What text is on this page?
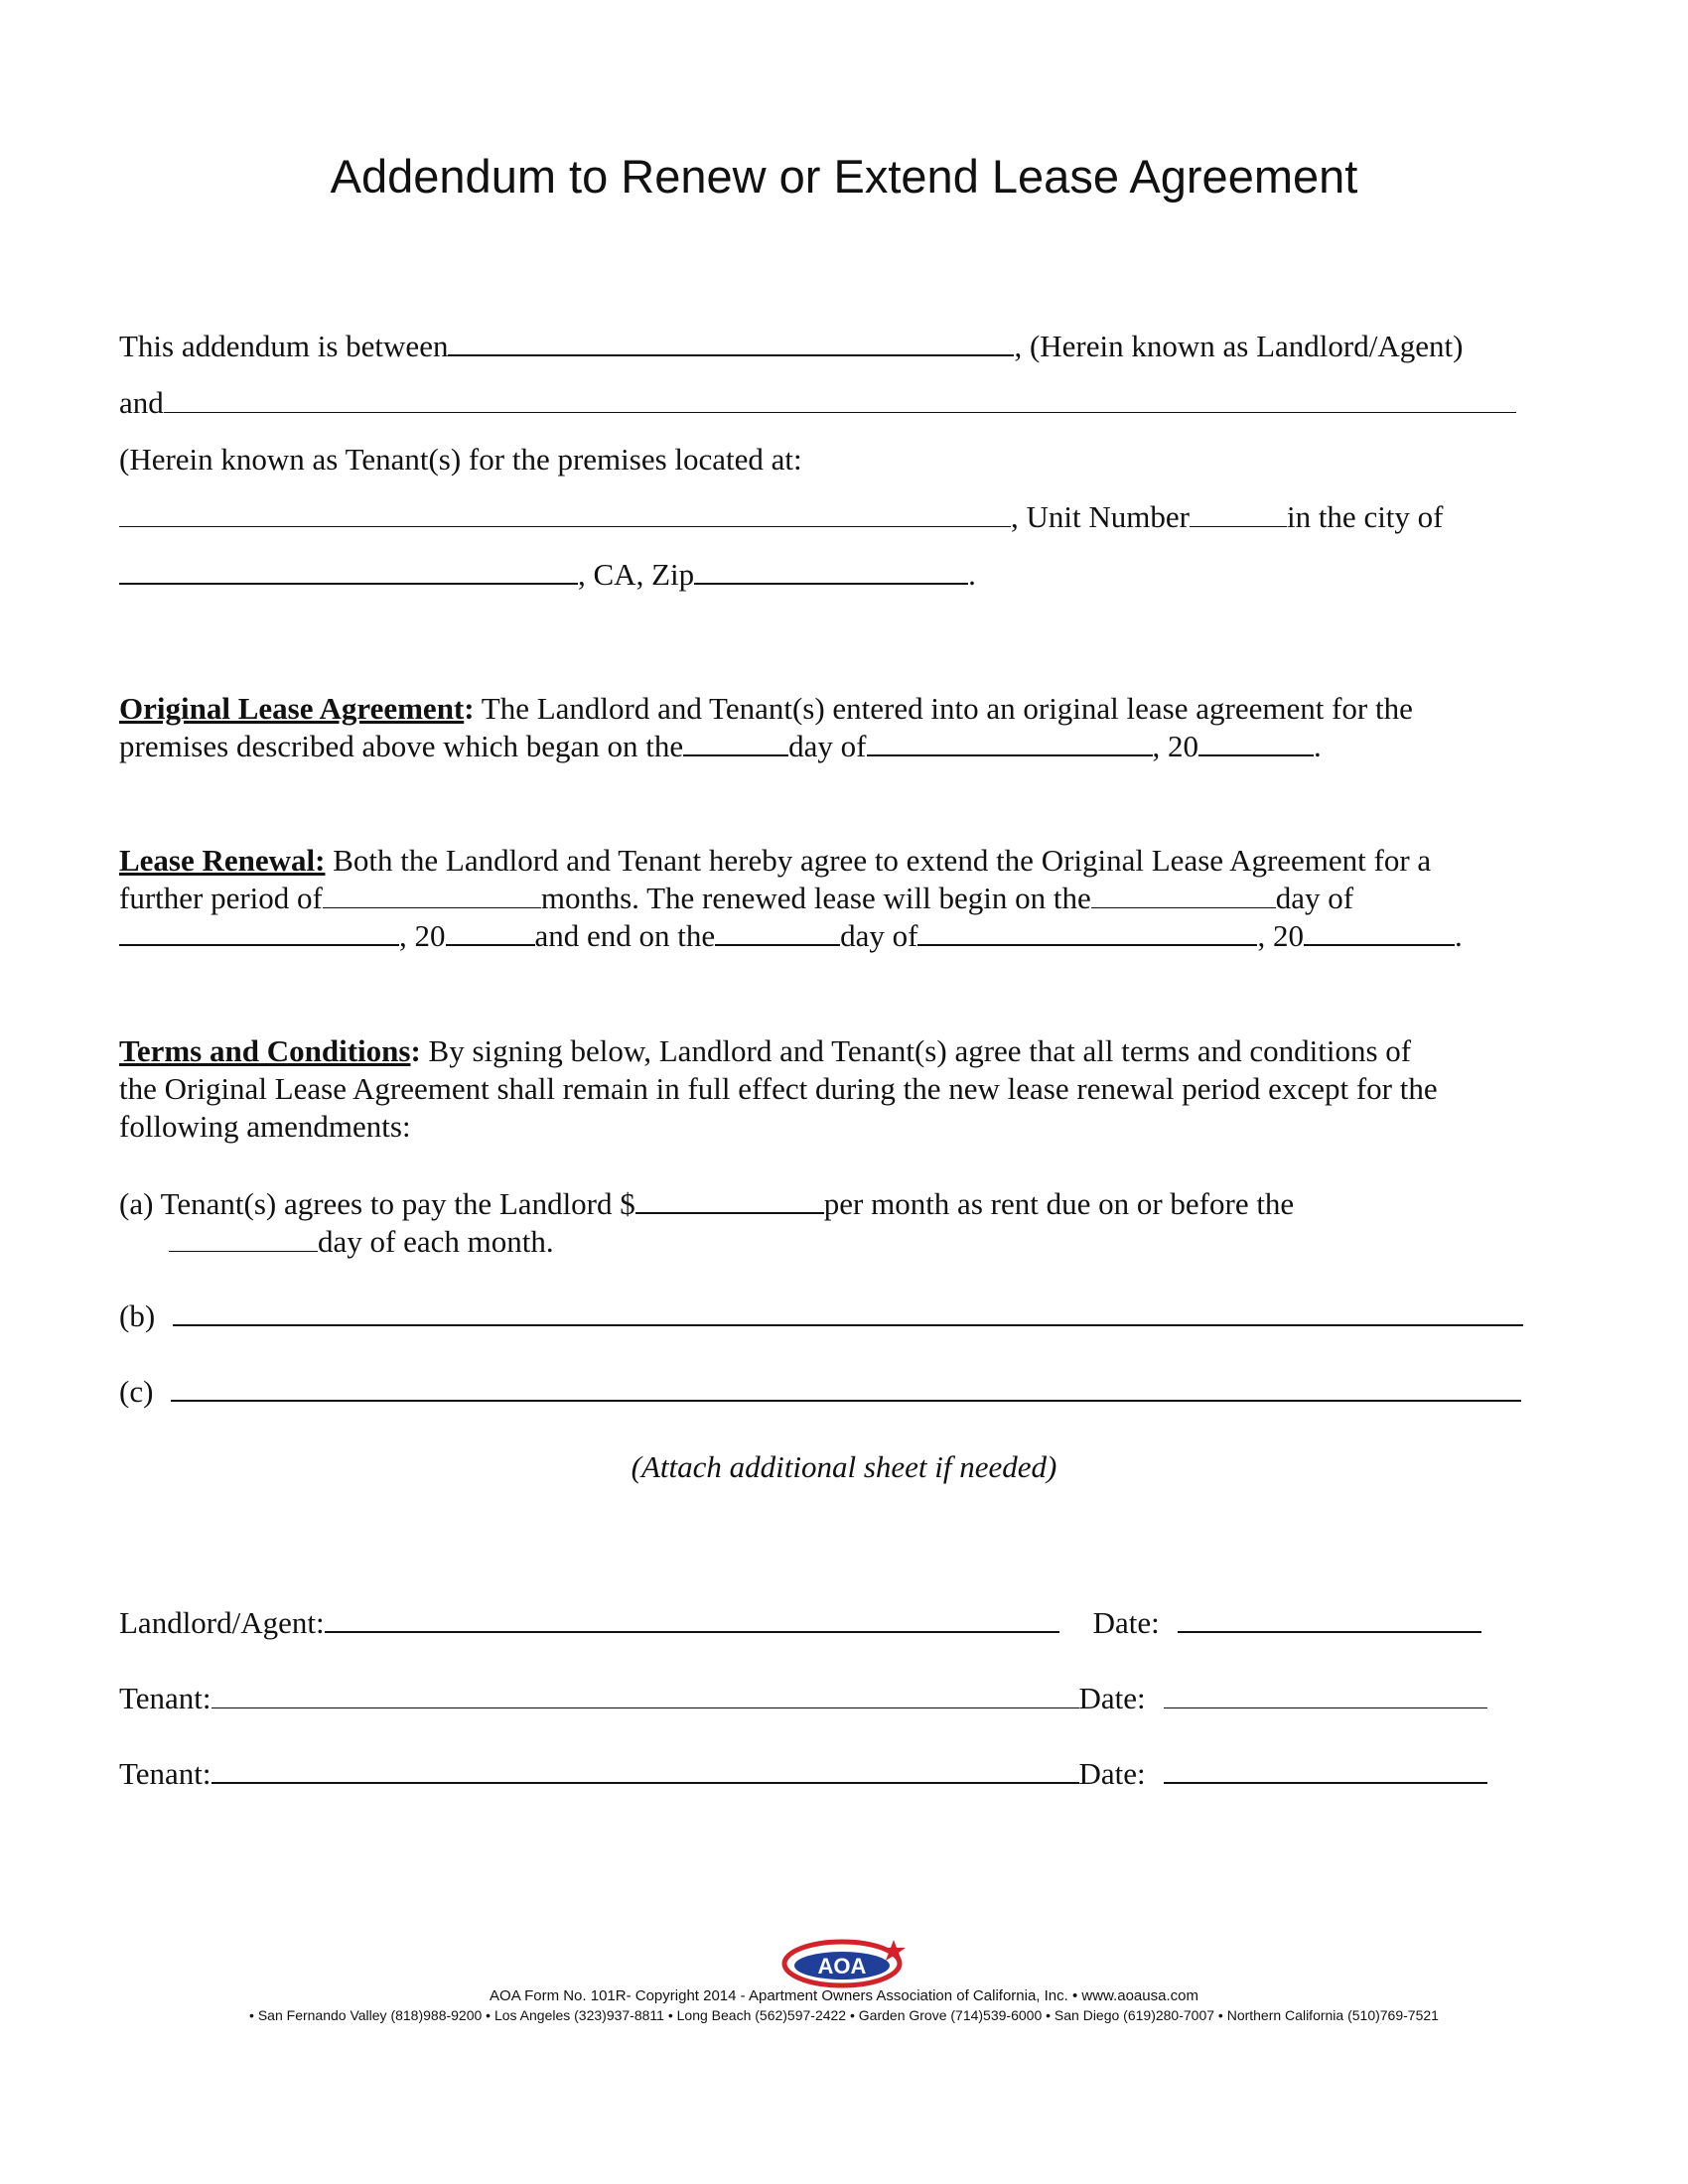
Addendum to Renew or Extend Lease Agreement
This addendum is between	, (Herein known as Landlord/Agent)
and
(Herein known as Tenant(s) for the premises located at:
, Unit Number	in the city of
, CA, Zip	.
Original Lease Agreement: The Landlord and Tenant(s) entered into an original lease agreement for the
premises described above which began on the	day of	, 20	.
Lease Renewal: Both the Landlord and Tenant hereby agree to extend the Original Lease Agreement for a
further period of	months. The renewed lease will begin on the	day of
, 20	and end on the	day of	, 20	.
Terms and Conditions: By signing below, Landlord and Tenant(s) agree that all terms and conditions of
the Original Lease Agreement shall remain in full effect during the new lease renewal period except for the
following amendments:
(a) Tenant(s) agrees to pay the Landlord $	per month as rent due on or before the
day of each month.
(b)
(c)
(Attach additional sheet if needed)
Landlord/Agent:	Date:
Tenant:	Date:
Tenant:	Date:
AOA
AOA Form No. 101R- Copyright 2014 - Apartment Owners Association of California, Inc. • www.aoausa.com
• San Fernando Valley (818)988-9200 • Los Angeles (323)937-8811 • Long Beach (562)597-2422 • Garden Grove (714)539-6000 • San Diego (619)280-7007 • Northern California (510)769-7521
